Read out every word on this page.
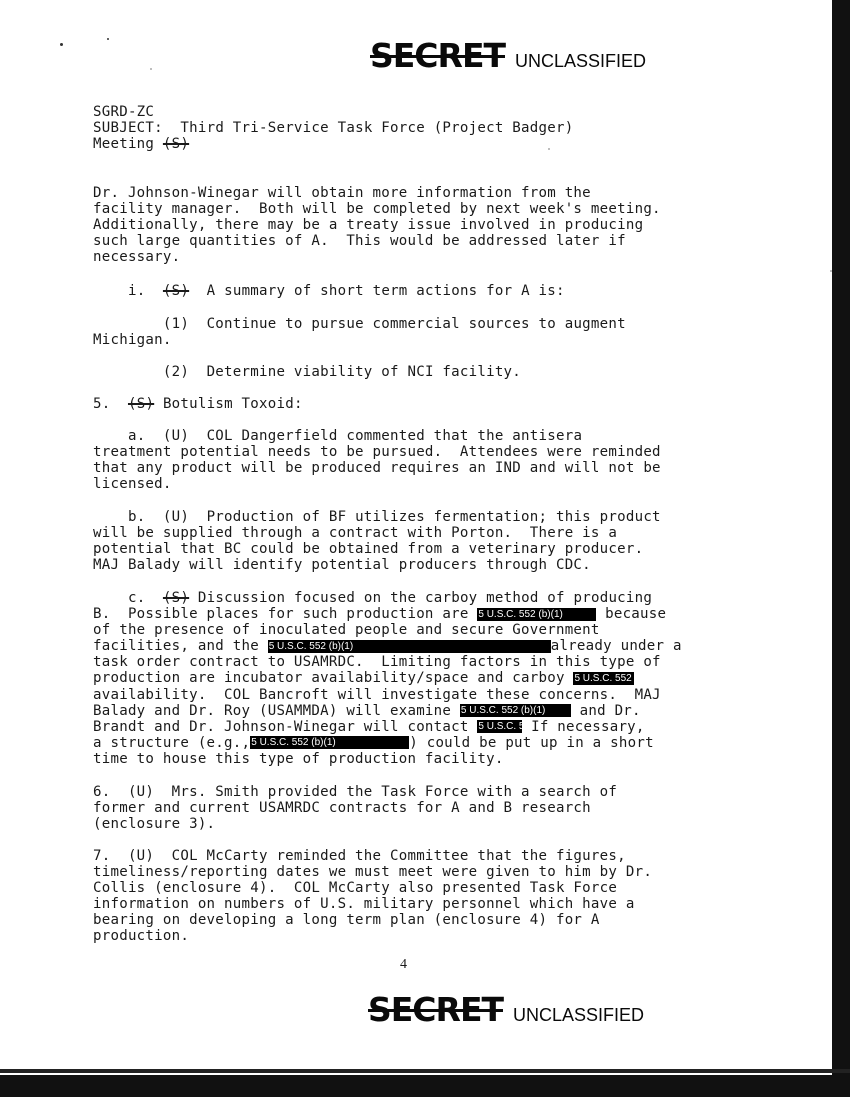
SECRET UNCLASSIFIED
SGRD-ZC
SUBJECT: Third Tri-Service Task Force (Project Badger)
Meeting (S)
Dr. Johnson-Winegar will obtain more information from the
facility manager.  Both will be completed by next week's meeting.
Additionally, there may be a treaty issue involved in producing
such large quantities of A.  This would be addressed later if
necessary.
i. (S) A summary of short term actions for A is:
(1)  Continue to pursue commercial sources to augment
Michigan.
(2)  Determine viability of NCI facility.
5. (S) Botulism Toxoid:
a.  (U)  COL Dangerfield commented that the antisera
treatment potential needs to be pursued.  Attendees were reminded
that any product will be produced requires an IND and will not be
licensed.
b.  (U)  Production of BF utilizes fermentation; this product
will be supplied through a contract with Porton.  There is a
potential that BC could be obtained from a veterinary producer.
MAJ Balady will identify potential producers through CDC.
c. (S) Discussion focused on the carboy method of producing
B.  Possible places for such production are 5 U.S.C. 552 (b)(1)	because
of the presence of inoculated people and secure Government
facilities, and the 5 U.S.C. 552 (b)(1)	already under a
task order contract to USAMRDC.  Limiting factors in this type of
production are incubator availability/space and carboy 5 U.S.C. 552 (
availability.  COL Bancroft will investigate these concerns.  MAJ
Balady and Dr. Roy (USAMMDA) will examine 5 U.S.C. 552 (b)(1) and Dr.
Brandt and Dr. Johnson-Winegar will contact 5 U.S.C. 55 If necessary,
a structure (e.g.,5 U.S.C. 552 (b)(1)	) could be put up in a short
time to house this type of production facility.
6.  (U)  Mrs. Smith provided the Task Force with a search of
former and current USAMRDC contracts for A and B research
(enclosure 3).
7.  (U)  COL McCarty reminded the Committee that the figures,
timeliness/reporting dates we must meet were given to him by Dr.
Collis (enclosure 4).  COL McCarty also presented Task Force
information on numbers of U.S. military personnel which have a
bearing on developing a long term plan (enclosure 4) for A
production.
4
SECRET UNCLASSIFIED
